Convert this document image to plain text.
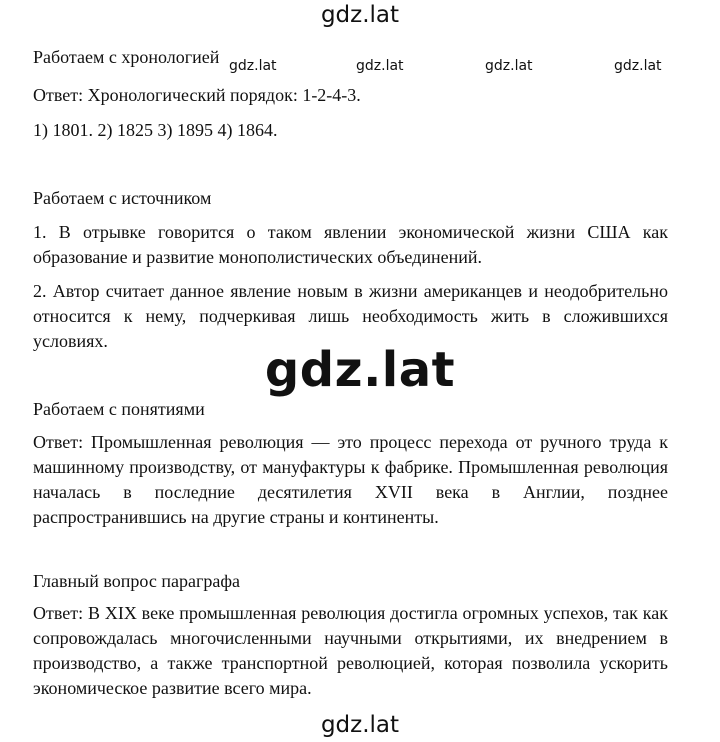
gdz.lat
Работаем с хронологией gdz.lat	gdz.lat	gdz.lat	gdz.lat
Ответ: Хронологический порядок: 1-2-4-3.
1) 1801. 2) 1825 3) 1895 4) 1864.
Работаем с источником
1. В отрывке говорится о таком явлении экономической жизни США как образование и развитие монополистических объединений.
2. Автор считает данное явление новым в жизни американцев и неодобрительно относится к нему, подчеркивая лишь необходимость жить в сложившихся условиях.
gdz.lat
Работаем с понятиями
Ответ: Промышленная революция — это процесс перехода от ручного труда к машинному производству, от мануфактуры к фабрике. Промышленная революция началась в последние десятилетия XVII века в Англии, позднее распространившись на другие страны и континенты.
Главный вопрос параграфа
Ответ: В XIX веке промышленная революция достигла огромных успехов, так как сопровождалась многочисленными научными открытиями, их внедрением в производство, а также транспортной революцией, которая позволила ускорить экономическое развитие всего мира.
gdz.lat
